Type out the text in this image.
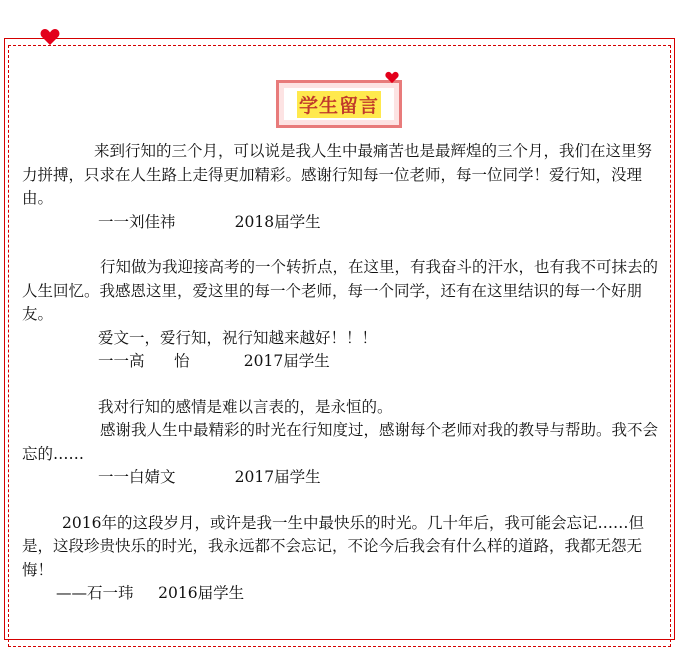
学生留言

来到行知的三个月，可以说是我人生中最痛苦也是最辉煌的三个月，我们在这里努力拼搏，只求在人生路上走得更加精彩。感谢行知每一位老师，每一位同学！爱行知，没理由。

一一刘佳祎            2018届学生

行知做为我迎接高考的一个转折点，在这里，有我奋斗的汗水，也有我不可抹去的人生回忆。我感恩这里，爱这里的每一个老师，每一个同学，还有在这里结识的每一个好朋友。

爱文一，爱行知，祝行知越来越好！！！

一一高      怡           2017届学生

我对行知的感情是难以言表的，是永恒的。

感谢我人生中最精彩的时光在行知度过，感谢每个老师对我的教导与帮助。我不会忘的……

一一白婧文            2017届学生

2016年的这段岁月，或许是我一生中最快乐的时光。几十年后，我可能会忘记……但是，这段珍贵快乐的时光，我永远都不会忘记，不论今后我会有什么样的道路，我都无怨无悔！

——石一玮     2016届学生
